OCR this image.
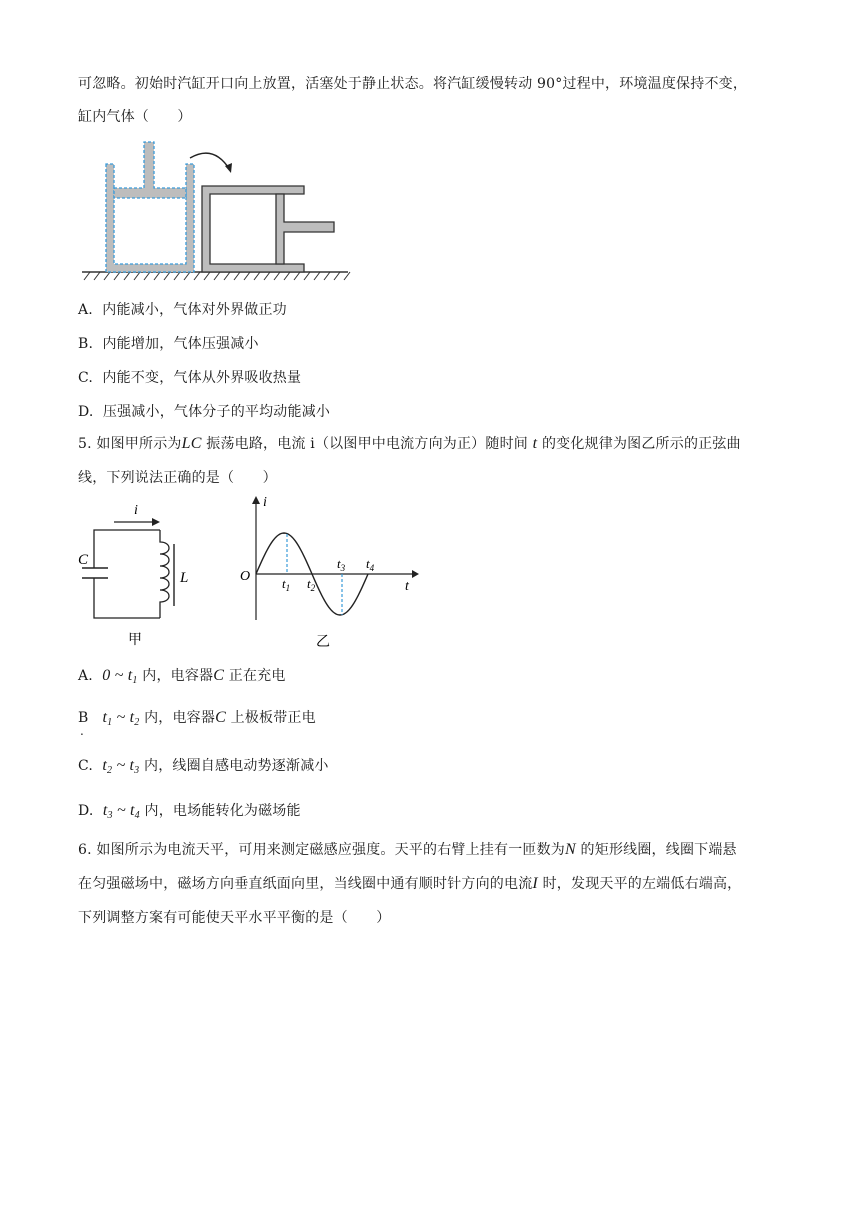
可忽略。初始时汽缸开口向上放置，活塞处于静止状态。将汽缸缓慢转动 90°过程中，环境温度保持不变，
缸内气体（　　）
A. 内能减小，气体对外界做正功
B. 内能增加，气体压强减小
C. 内能不变，气体从外界吸收热量
D. 压强减小，气体分子的平均动能减小
5. 如图甲所示为LC 振荡电路，电流 i（以图甲中电流方向为正）随时间 t 的变化规律为图乙所示的正弦曲
线，下列说法正确的是（　　）
i
C
L
甲
i
t
O $t_1$ $t_2$
$t_3$ $t_4$
乙
A. 0 ~ $t_1$ 内，电容器C 正在充电
B $t_1$ ~ $t_2$ 内，电容器C 上极板带正电
.
C. $t_2$ ~ $t_3$ 内，线圈自感电动势逐渐减小
D. $t_3$ ~ $t_4$ 内，电场能转化为磁场能
6. 如图所示为电流天平，可用来测定磁感应强度。天平的右臂上挂有一匝数为N 的矩形线圈，线圈下端悬
在匀强磁场中，磁场方向垂直纸面向里，当线圈中通有顺时针方向的电流I 时，发现天平的左端低右端高，
下列调整方案有可能使天平水平平衡的是（　　）
